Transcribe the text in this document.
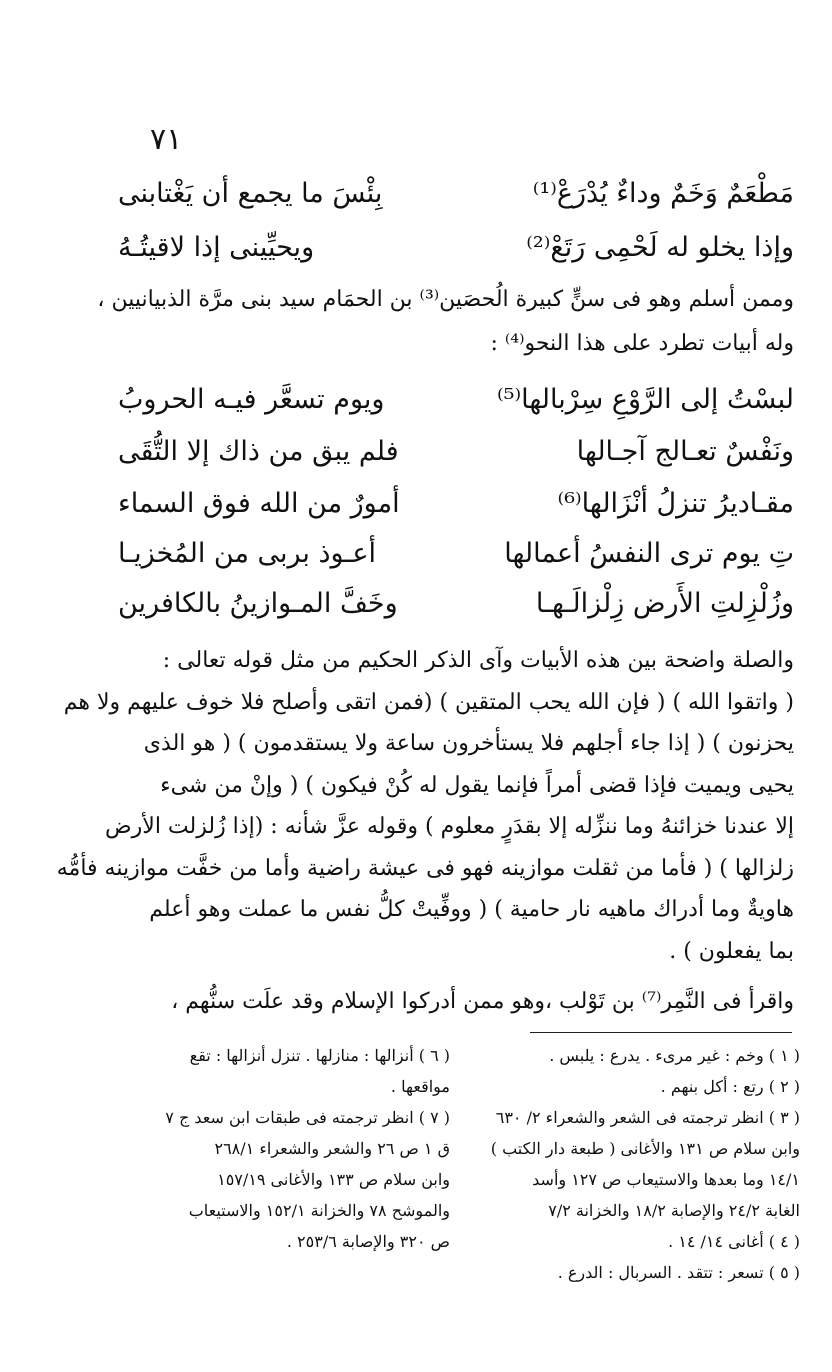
٧١
بِئْسَ ما يجمع أن يَغْتابنى	مَطْعَمٌ وَخَمٌ وداءٌ يُدْرَعْ⁽¹⁾
ويحيِّينى إذا لاقيتُـهُ	وإذا يخلو له لَحْمِى رَتَعْ⁽²⁾

وممن أسلم وهو فى سنٍّ كبيرة الُحصَين⁽³⁾ بن الحمَام سيد بنى مرَّة الذبيانيين ،
وله أبيات تطرد على هذا النحو⁽⁴⁾ :

ويوم تسعَّر فيـه الحروبُ	لبسْتُ إلى الرَّوْعِ سِرْبالها⁽⁵⁾
فلم يبق من ذاك إلا التُّقَى	ونَفْسٌ تعـالج آجـالها
أمورٌ من الله فوق السماء	مقـاديرُ تنزلُ أنْزَالها⁽⁶⁾
أعـوذ بربى من المُخزيـا	تِ يوم ترى النفسُ أعمالها
وخَفَّ المـوازينُ بالكافرين	وزُلْزِلتِ الأَرض زِلْزالَـهـا

والصلة واضحة بين هذه الأبيات وآى الذكر الحكيم من مثل قوله تعالى :
( واتقوا الله ) ( فإن الله يحب المتقين ) (فمن اتقى وأصلح فلا خوف عليهم ولا هم
يحزنون ) ( إذا جاء أجلهم فلا يستأخرون ساعة ولا يستقدمون ) ( هو الذى
يحيى ويميت فإذا قضى أمراً فإنما يقول له كُنْ فيكون ) ( وإنْ من شىء
إلا عندنا خزائنهُ وما ننزِّله إلا بقدَرٍ معلوم ) وقوله عزَّ شأنه : (إذا زُلزلت الأرض
زلزالها ) ( فأما من ثقلت موازينه فهو فى عيشة راضية وأما من خفَّت موازينه فأمُّه
هاويةٌ وما أدراك ماهيه نار حامية ) ( ووفِّيتْ كلُّ نفس ما عملت وهو أعلم
بما يفعلون ) .

واقرأ فى النَّمِر⁽⁷⁾ بن تَوْلب ،وهو ممن أدركوا الإسلام وقد علَت سنُّهم ،

( ١ ) وخم : غير مرىء . يدرع : يلبس .
( ٢ ) رتع : أكل بنهم .
( ٣ ) انظر ترجمته فى الشعر والشعراء ٢/ ٦٣٠
وابن سلام ص ١٣١ والأغانى ( طبعة دار الكتب )
١٤/١ وما بعدها والاستيعاب ص ١٢٧ وأسد
الغابة ٢٤/٢ والإصابة ١٨/٢ والخزانة ٧/٢
( ٤ ) أغانى ١٤/ ١٤ .
( ٥ ) تسعر : تتقد . السربال : الدرع .
( ٦ ) أنزالها : منازلها . تنزل أنزالها : تقع
مواقعها .
( ٧ ) انظر ترجمته فى طبقات ابن سعد ج ٧
ق ١ ص ٢٦ والشعر والشعراء ٢٦٨/١
وابن سلام ص ١٣٣ والأغانى ١٥٧/١٩
والموشح ٧٨ والخزانة ١٥٢/١ والاستيعاب
ص ٣٢٠ والإصابة ٢٥٣/٦ .
